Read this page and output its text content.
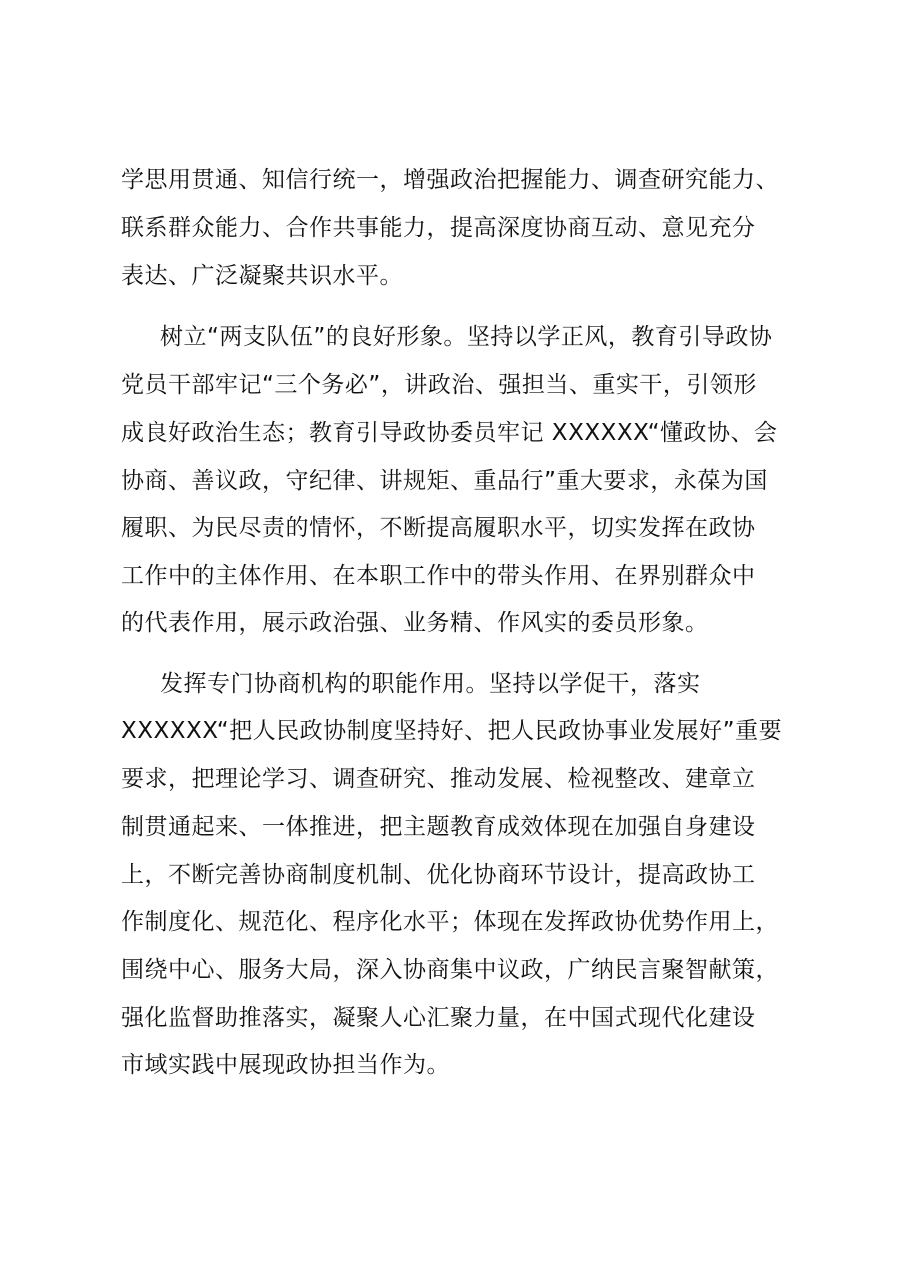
学思用贯通、知信行统一，增强政治把握能力、调查研究能力、
联系群众能力、合作共事能力，提高深度协商互动、意见充分
表达、广泛凝聚共识水平。
树立“两支队伍”的良好形象。坚持以学正风，教育引导政协
党员干部牢记“三个务必”，讲政治、强担当、重实干，引领形
成良好政治生态；教育引导政协委员牢记 XXXXXX“懂政协、会
协商、善议政，守纪律、讲规矩、重品行”重大要求，永葆为国
履职、为民尽责的情怀，不断提高履职水平，切实发挥在政协
工作中的主体作用、在本职工作中的带头作用、在界别群众中
的代表作用，展示政治强、业务精、作风实的委员形象。
发挥专门协商机构的职能作用。坚持以学促干，落实
XXXXXX“把人民政协制度坚持好、把人民政协事业发展好”重要
要求，把理论学习、调查研究、推动发展、检视整改、建章立
制贯通起来、一体推进，把主题教育成效体现在加强自身建设
上，不断完善协商制度机制、优化协商环节设计，提高政协工
作制度化、规范化、程序化水平；体现在发挥政协优势作用上，
围绕中心、服务大局，深入协商集中议政，广纳民言聚智献策，
强化监督助推落实，凝聚人心汇聚力量，在中国式现代化建设
市域实践中展现政协担当作为。
